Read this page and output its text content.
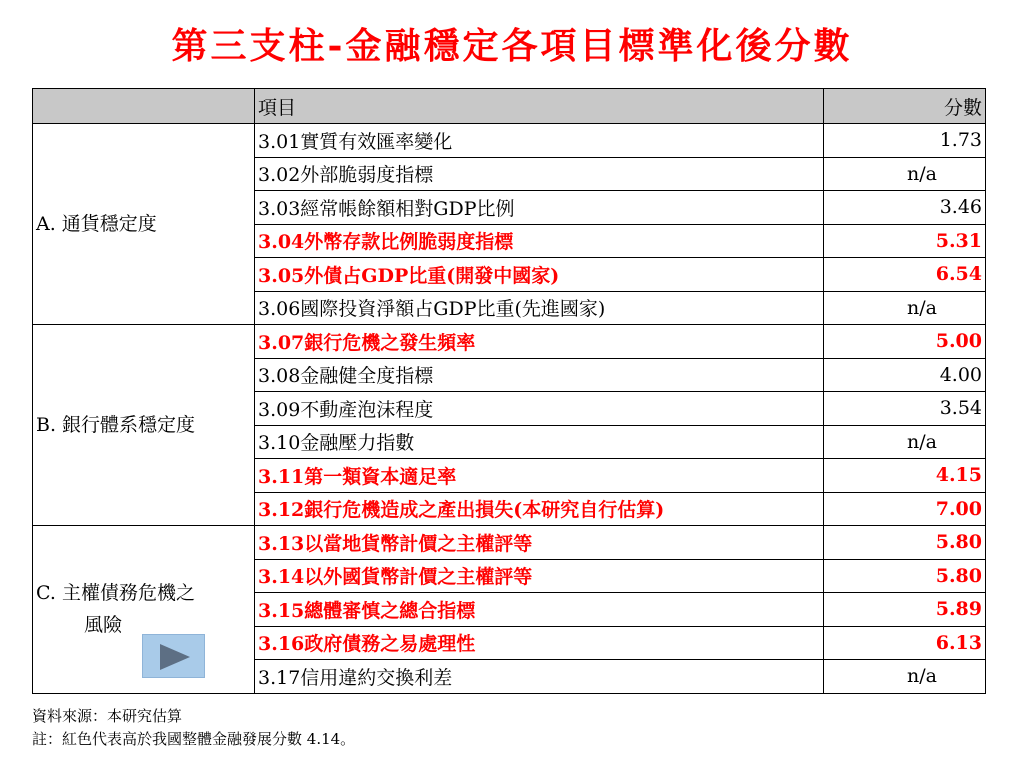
第三支柱-金融穩定各項目標準化後分數
	項目	分數
A. 通貨穩定度	3.01實質有效匯率變化	1.73
	3.02外部脆弱度指標	n/a
	3.03經常帳餘額相對GDP比例	3.46
	3.04外幣存款比例脆弱度指標	5.31
	3.05外債占GDP比重(開發中國家)	6.54
	3.06國際投資淨額占GDP比重(先進國家)	n/a
B. 銀行體系穩定度	3.07銀行危機之發生頻率	5.00
	3.08金融健全度指標	4.00
	3.09不動產泡沫程度	3.54
	3.10金融壓力指數	n/a
	3.11第一類資本適足率	4.15
	3.12銀行危機造成之產出損失(本研究自行估算)	7.00

C. 主權債務危機之
風險	3.13以當地貨幣計價之主權評等	5.80
	3.14以外國貨幣計價之主權評等	5.80
	3.15總體審慎之總合指標	5.89
	3.16政府債務之易處理性	6.13
	3.17信用違約交換利差	n/a
資料來源：本研究估算
註：紅色代表高於我國整體金融發展分數 4.14。
